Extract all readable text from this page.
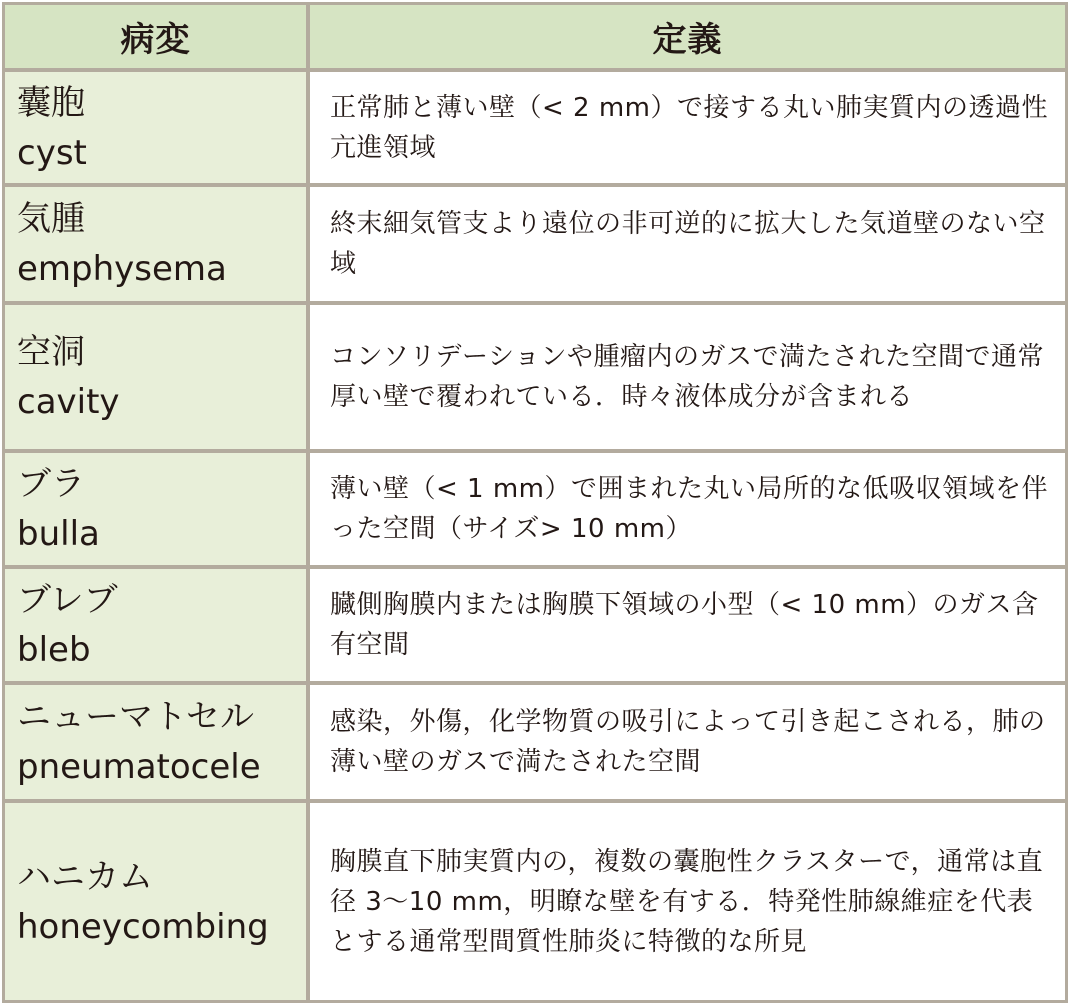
病変	定義

囊胞
cyst	正常肺と薄い壁（< 2 mm）で接する丸い肺実質内の透過性亢進領域

気腫
emphysema	終末細気管支より遠位の非可逆的に拡大した気道壁のない空域

空洞
cavity	コンソリデーションや腫瘤内のガスで満たされた空間で通常厚い壁で覆われている．時々液体成分が含まれる

ブラ
bulla	薄い壁（< 1 mm）で囲まれた丸い局所的な低吸収領域を伴った空間（サイズ> 10 mm）

ブレブ
bleb	臓側胸膜内または胸膜下領域の小型（< 10 mm）のガス含有空間

ニューマトセル
pneumatocele	感染，外傷，化学物質の吸引によって引き起こされる，肺の薄い壁のガスで満たされた空間

ハニカム
honeycombing	胸膜直下肺実質内の，複数の囊胞性クラスターで，通常は直径 3～10 mm，明瞭な壁を有する．特発性肺線維症を代表とする通常型間質性肺炎に特徴的な所見
